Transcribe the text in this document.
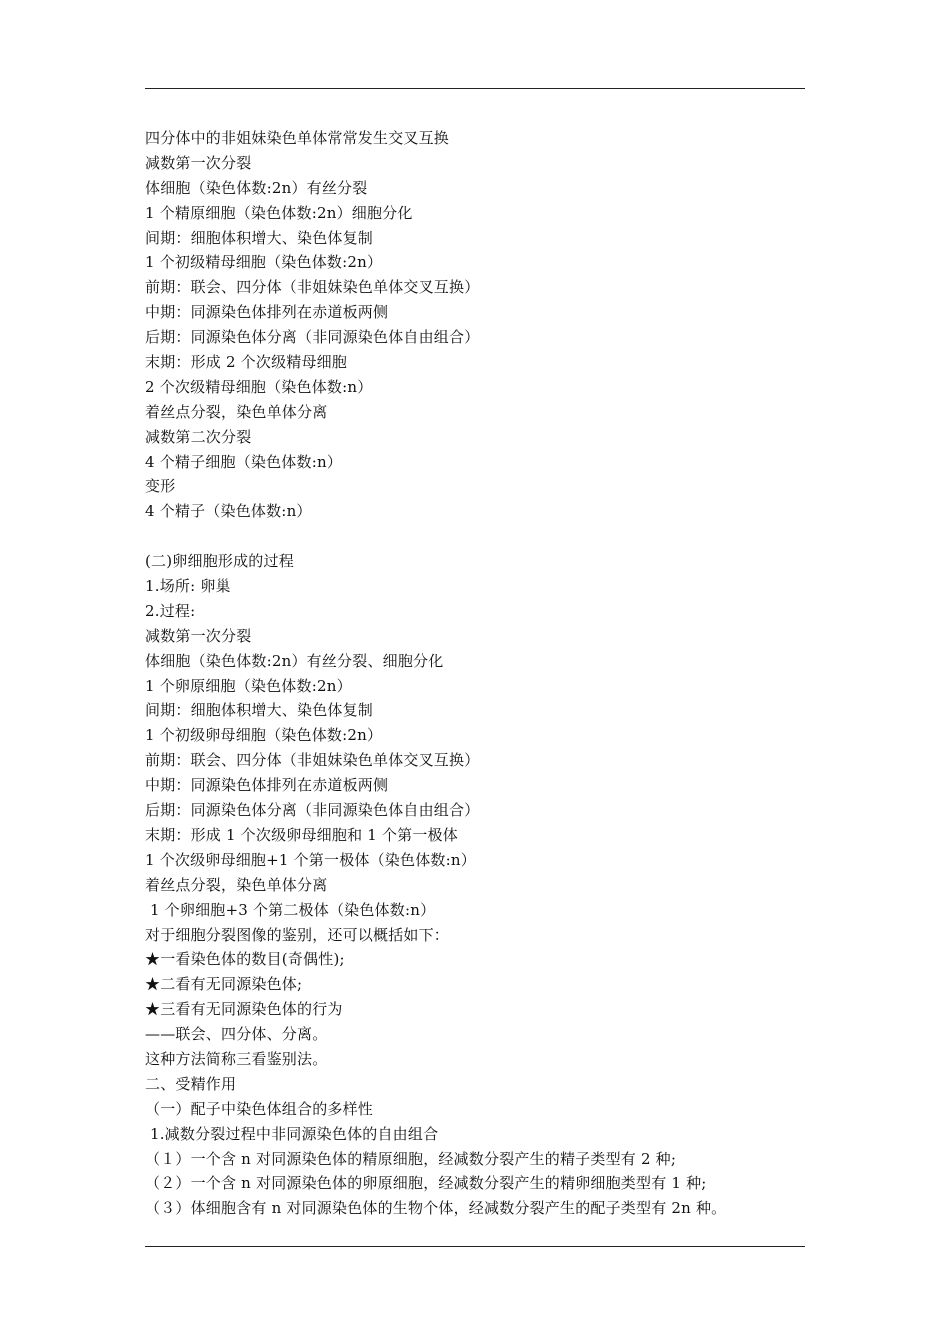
四分体中的非姐妹染色单体常常发生交叉互换
减数第一次分裂
体细胞（染色体数:2n）有丝分裂
1 个精原细胞（染色体数:2n）细胞分化
间期：细胞体积增大、染色体复制
1 个初级精母细胞（染色体数:2n）
前期：联会、四分体（非姐妹染色单体交叉互换）
中期：同源染色体排列在赤道板两侧
后期：同源染色体分离（非同源染色体自由组合）
末期：形成 2 个次级精母细胞
2 个次级精母细胞（染色体数:n）
着丝点分裂，染色单体分离
减数第二次分裂
4 个精子细胞（染色体数:n）
变形
4 个精子（染色体数:n）
(二)卵细胞形成的过程
1.场所: 卵巢
2.过程:
减数第一次分裂
体细胞（染色体数:2n）有丝分裂、细胞分化
1 个卵原细胞（染色体数:2n）
间期：细胞体积增大、染色体复制
1 个初级卵母细胞（染色体数:2n）
前期：联会、四分体（非姐妹染色单体交叉互换）
中期：同源染色体排列在赤道板两侧
后期：同源染色体分离（非同源染色体自由组合）
末期：形成 1 个次级卵母细胞和 1 个第一极体
1 个次级卵母细胞+1 个第一极体（染色体数:n）
着丝点分裂，染色单体分离
1 个卵细胞+3 个第二极体（染色体数:n）
对于细胞分裂图像的鉴别，还可以概括如下：
★一看染色体的数目(奇偶性);
★二看有无同源染色体;
★三看有无同源染色体的行为
——联会、四分体、分离。
这种方法简称三看鉴别法。
二、受精作用
（一）配子中染色体组合的多样性
1.减数分裂过程中非同源染色体的自由组合
（１）一个含 n 对同源染色体的精原细胞，经减数分裂产生的精子类型有 2 种;
（２）一个含 n 对同源染色体的卵原细胞，经减数分裂产生的精卵细胞类型有 1 种;
（３）体细胞含有 n 对同源染色体的生物个体，经减数分裂产生的配子类型有 2n 种。
